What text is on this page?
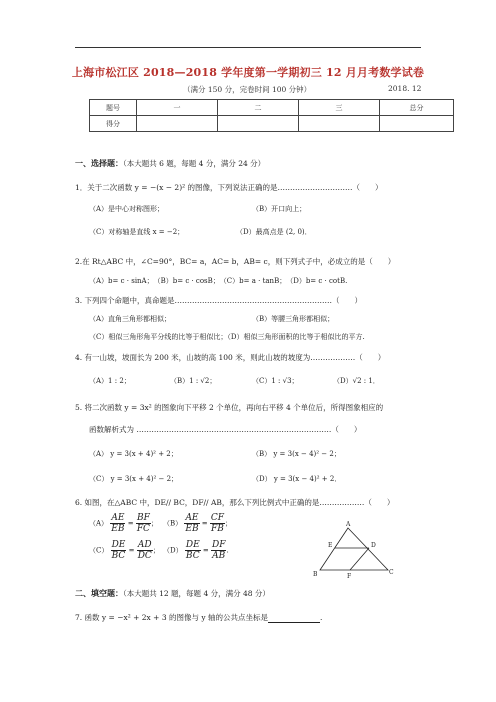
上海市松江区 2018—2018 学年度第一学期初三 12 月月考数学试卷
（满分 150 分，完卷时间 100 分钟）	2018. 12
题号	一	二	三	总分
得分				
一、选择题：（本大题共 6 题，每题 4 分，满分 24 分）
1．关于二次函数 y = −(x − 2)² 的图像，下列说法正确的是…………………………（　　）
（A）是中心对称图形；	（B）开口向上；
（C）对称轴是直线 x = −2；	（D）最高点是 (2, 0)．
2.在 Rt△ABC 中，∠C=90°，BC= a，AC= b，AB= c，则下列式子中，必成立的是（　　）
（A）b= c · sinA；　（B）b= c · cosB；　（C）b= a · tanB；　（D）b= c · cotB.
3. 下列四个命题中，真命题是………………………………………………………（　　）
（A）直角三角形都相似；	（B）等腰三角形都相似；
（C）相似三角形角平分线的比等于相似比；（D）相似三角形面积的比等于相似比的平方.
4. 有一山坡，坡面长为 200 米，山坡的高 100 米，则此山坡的坡度为………………（　　）
（A）1 : 2；	（B）1 : √2；	（C）1 : √3；	（D）√2 : 1．
5. 将二次函数 y = 3x² 的图象向下平移 2 个单位，再向右平移 4 个单位后，所得图象相应的
函数解析式为 ……………………………………………………………………（　　）
（A） y = 3(x + 4)² + 2；	（B） y = 3(x − 4)² − 2；
（C） y = 3(x + 4)² − 2；	（D） y = 3(x − 4)² + 2．
6. 如图，在△ABC 中，DE// BC，DF// AB，那么下列比例式中正确的是………………（　　）
$(A) \frac{AE}{EB} = \frac{BF}{FC}$ ； $(B) \frac{AE}{EB} = \frac{CF}{FB}$ ；
$(C) \frac{DE}{BC} = \frac{AD}{DC}$ ； $(D) \frac{DE}{BC} = \frac{DF}{AB}$ .
A
E	D
B	F
C
二、填空题：（本大题共 12 题，每题 4 分，满分 48 分）
7. 函数 y = −x² + 2x + 3 的图像与 y 轴的公共点坐标是	.
